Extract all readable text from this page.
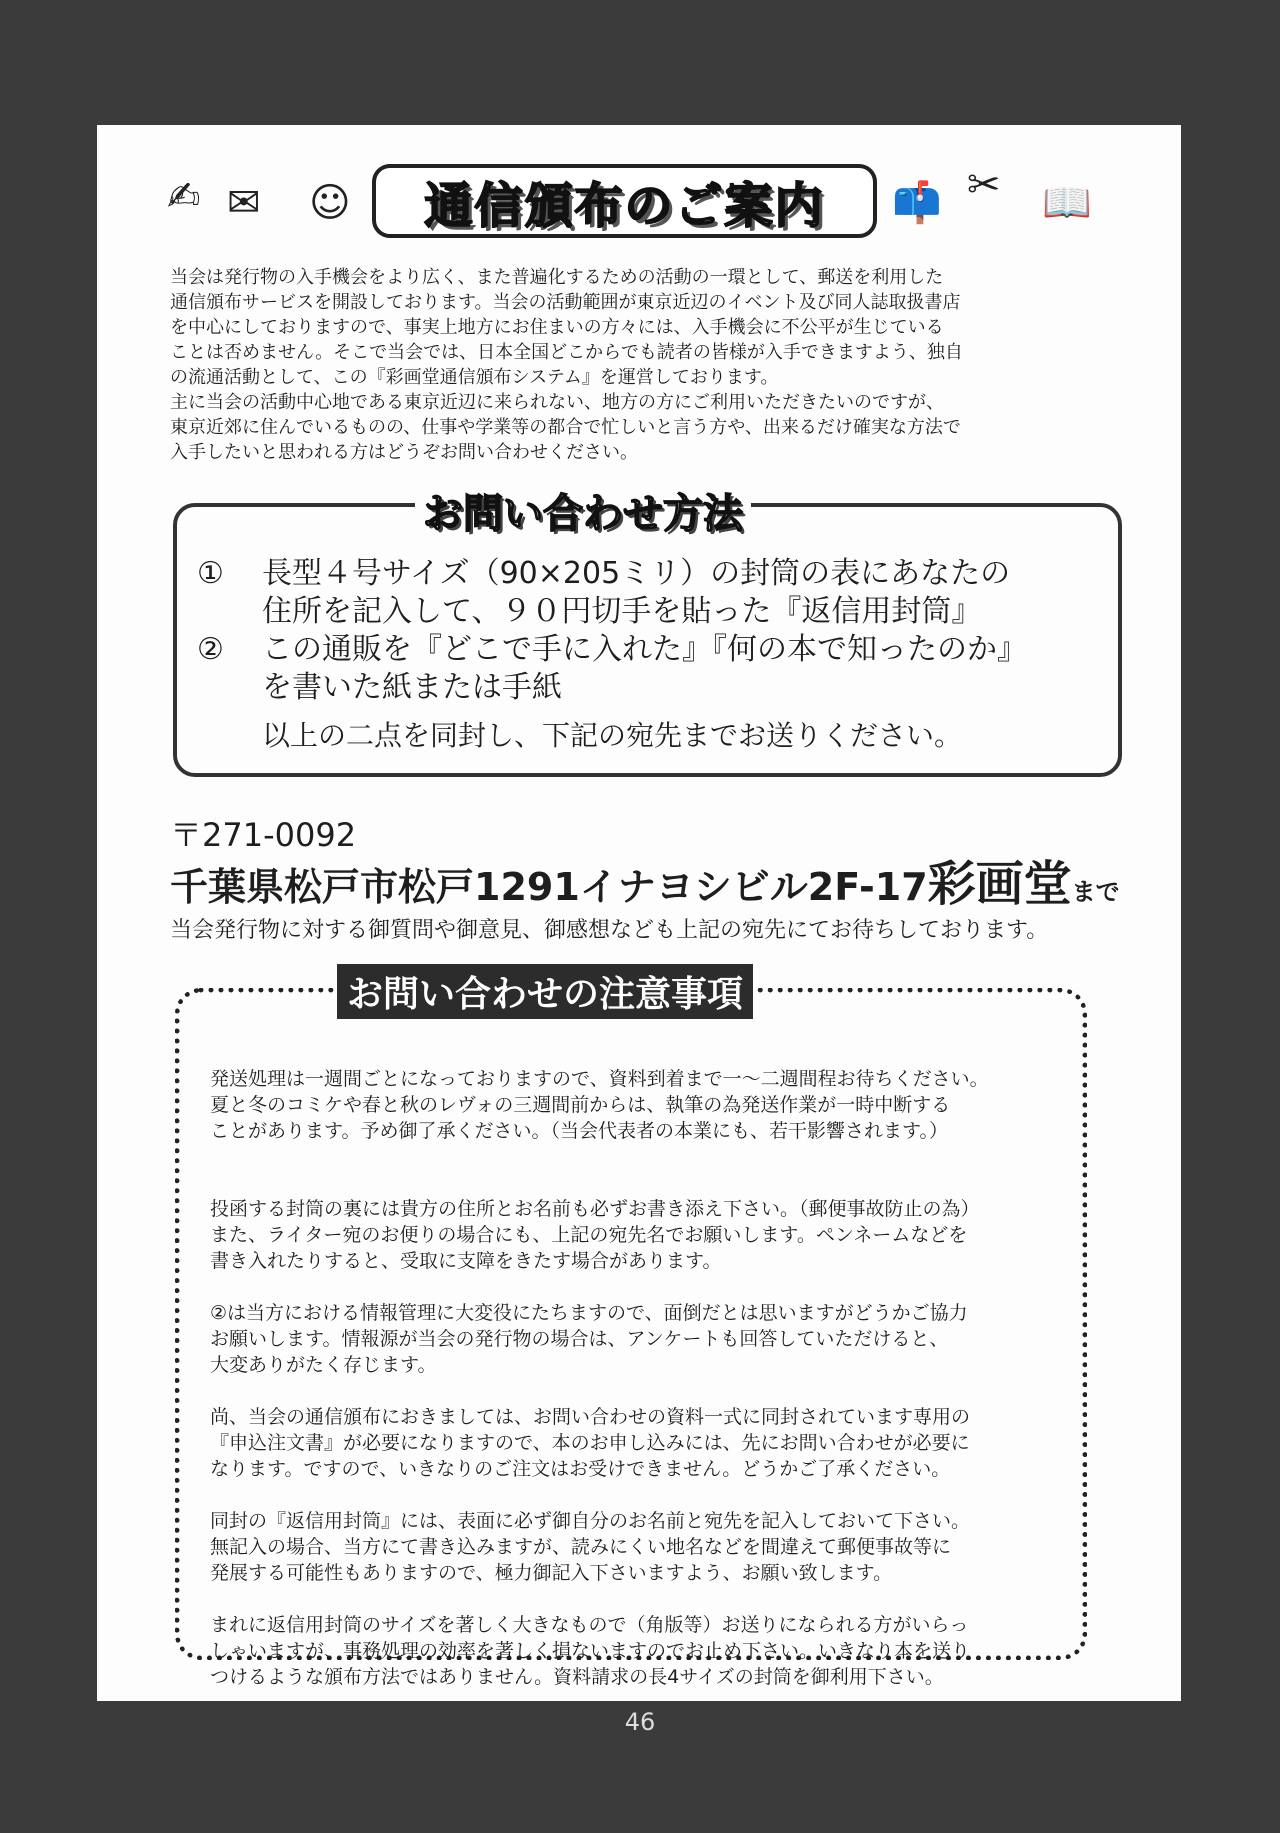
✍ ✉ ☺ 通信頒布のご案内 📫 ✂ 📖
当会は発行物の入手機会をより広く、また普遍化するための活動の一環として、郵送を利用した
通信頒布サービスを開設しております。当会の活動範囲が東京近辺のイベント及び同人誌取扱書店
を中心にしておりますので、事実上地方にお住まいの方々には、入手機会に不公平が生じている
ことは否めません。そこで当会では、日本全国どこからでも読者の皆様が入手できますよう、独自
の流通活動として、この『彩画堂通信頒布システム』を運営しております。
主に当会の活動中心地である東京近辺に来られない、地方の方にご利用いただきたいのですが、
東京近郊に住んでいるものの、仕事や学業等の都合で忙しいと言う方や、出来るだけ確実な方法で
入手したいと思われる方はどうぞお問い合わせください。
お問い合わせ方法
① 長型４号サイズ（90×205ミリ）の封筒の表にあなたの
住所を記入して、９０円切手を貼った『返信用封筒』
② この通販を『どこで手に入れた』『何の本で知ったのか』
を書いた紙または手紙
以上の二点を同封し、下記の宛先までお送りください。
〒271-0092
千葉県松戸市松戸1291イナヨシビル2F-17彩画堂まで
当会発行物に対する御質問や御意見、御感想なども上記の宛先にてお待ちしております。
お問い合わせの注意事項

発送処理は一週間ごとになっておりますので、資料到着まで一～二週間程お待ちください。
夏と冬のコミケや春と秋のレヴォの三週間前からは、執筆の為発送作業が一時中断する
ことがあります。予め御了承ください。（当会代表者の本業にも、若干影響されます。）

投函する封筒の裏には貴方の住所とお名前も必ずお書き添え下さい。（郵便事故防止の為）
また、ライター宛のお便りの場合にも、上記の宛先名でお願いします。ペンネームなどを
書き入れたりすると、受取に支障をきたす場合があります。
②は当方における情報管理に大変役にたちますので、面倒だとは思いますがどうかご協力
お願いします。情報源が当会の発行物の場合は、アンケートも回答していただけると、
大変ありがたく存じます。
尚、当会の通信頒布におきましては、お問い合わせの資料一式に同封されています専用の
『申込注文書』が必要になりますので、本のお申し込みには、先にお問い合わせが必要に
なります。ですので、いきなりのご注文はお受けできません。どうかご了承ください。
同封の『返信用封筒』には、表面に必ず御自分のお名前と宛先を記入しておいて下さい。
無記入の場合、当方にて書き込みますが、読みにくい地名などを間違えて郵便事故等に
発展する可能性もありますので、極力御記入下さいますよう、お願い致します。
まれに返信用封筒のサイズを著しく大きなもので（角版等）お送りになられる方がいらっ
しゃいますが、事務処理の効率を著しく損ないますのでお止め下さい。いきなり本を送り
つけるような頒布方法ではありません。資料請求の長4サイズの封筒を御利用下さい。
46
